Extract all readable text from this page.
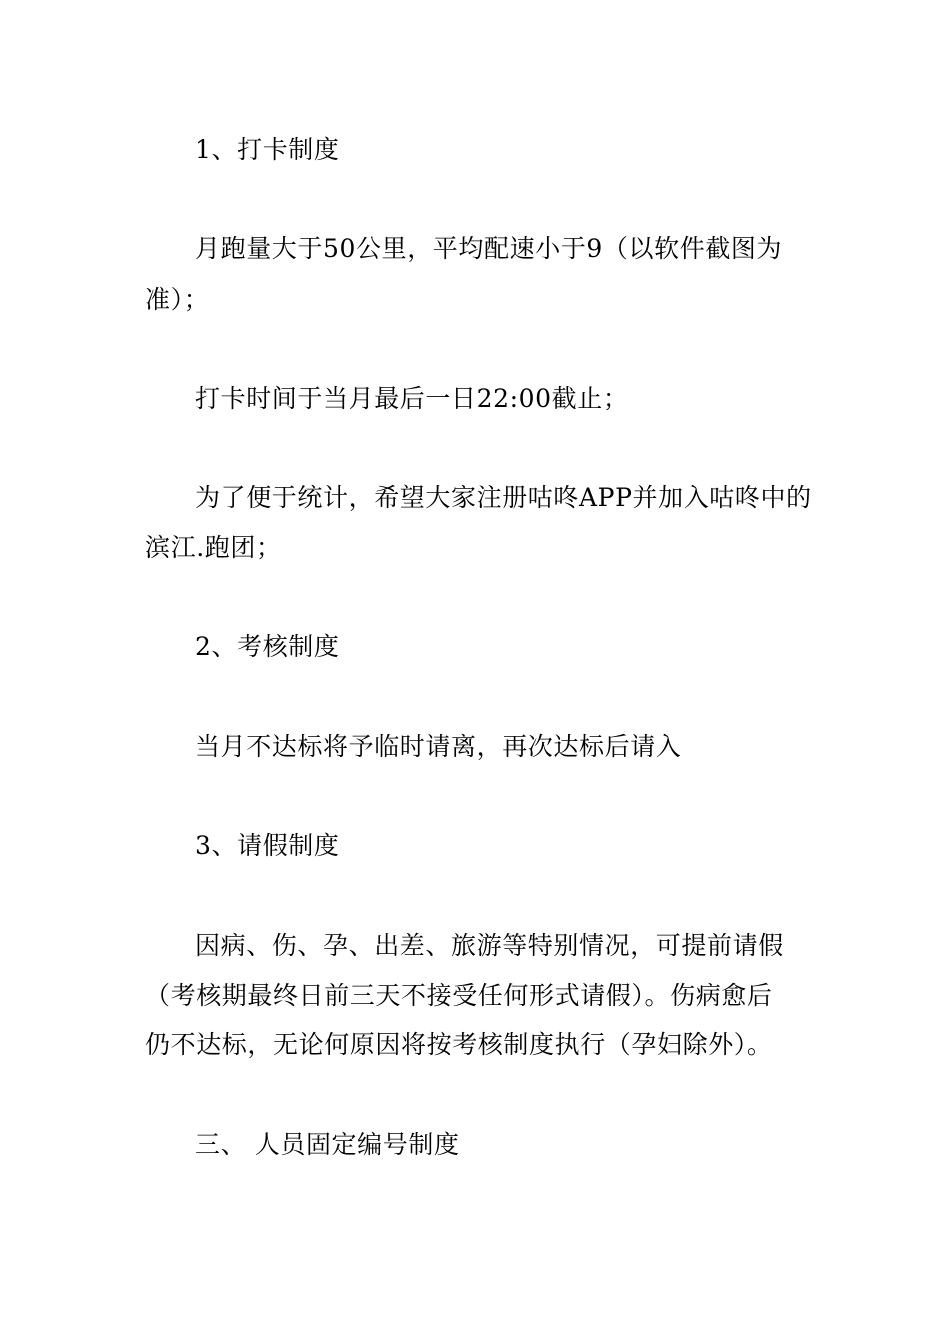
1、打卡制度
月跑量大于50公里，平均配速小于9（以软件截图为
准）；
打卡时间于当月最后一日22:00截止；
为了便于统计，希望大家注册咕咚APP并加入咕咚中的
滨江.跑团；
2、考核制度
当月不达标将予临时请离，再次达标后请入
3、请假制度
因病、伤、孕、出差、旅游等特别情况，可提前请假
（考核期最终日前三天不接受任何形式请假）。伤病愈后
仍不达标，无论何原因将按考核制度执行（孕妇除外）。
三、 人员固定编号制度
